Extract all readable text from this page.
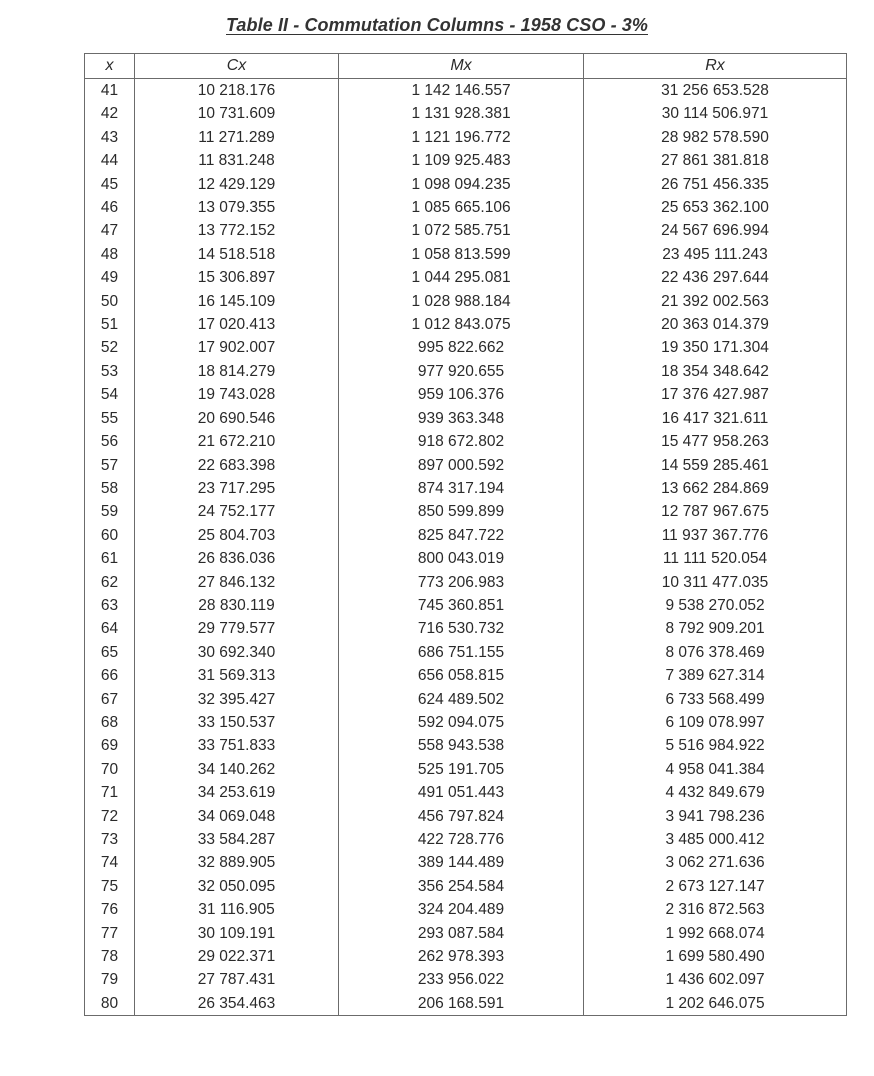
Table II - Commutation Columns - 1958 CSO - 3%
x	Cx	Mx	Rx
41	10 218.176	1 142 146.557	31 256 653.528
42	10 731.609	1 131 928.381	30 114 506.971
43	11 271.289	1 121 196.772	28 982 578.590
44	11 831.248	1 109 925.483	27 861 381.818
45	12 429.129	1 098 094.235	26 751 456.335
46	13 079.355	1 085 665.106	25 653 362.100
47	13 772.152	1 072 585.751	24 567 696.994
48	14 518.518	1 058 813.599	23 495 111.243
49	15 306.897	1 044 295.081	22 436 297.644
50	16 145.109	1 028 988.184	21 392 002.563
51	17 020.413	1 012 843.075	20 363 014.379
52	17 902.007	995 822.662	19 350 171.304
53	18 814.279	977 920.655	18 354 348.642
54	19 743.028	959 106.376	17 376 427.987
55	20 690.546	939 363.348	16 417 321.611
56	21 672.210	918 672.802	15 477 958.263
57	22 683.398	897 000.592	14 559 285.461
58	23 717.295	874 317.194	13 662 284.869
59	24 752.177	850 599.899	12 787 967.675
60	25 804.703	825 847.722	11 937 367.776
61	26 836.036	800 043.019	11 111 520.054
62	27 846.132	773 206.983	10 311 477.035
63	28 830.119	745 360.851	9 538 270.052
64	29 779.577	716 530.732	8 792 909.201
65	30 692.340	686 751.155	8 076 378.469
66	31 569.313	656 058.815	7 389 627.314
67	32 395.427	624 489.502	6 733 568.499
68	33 150.537	592 094.075	6 109 078.997
69	33 751.833	558 943.538	5 516 984.922
70	34 140.262	525 191.705	4 958 041.384
71	34 253.619	491 051.443	4 432 849.679
72	34 069.048	456 797.824	3 941 798.236
73	33 584.287	422 728.776	3 485 000.412
74	32 889.905	389 144.489	3 062 271.636
75	32 050.095	356 254.584	2 673 127.147
76	31 116.905	324 204.489	2 316 872.563
77	30 109.191	293 087.584	1 992 668.074
78	29 022.371	262 978.393	1 699 580.490
79	27 787.431	233 956.022	1 436 602.097
80	26 354.463	206 168.591	1 202 646.075
